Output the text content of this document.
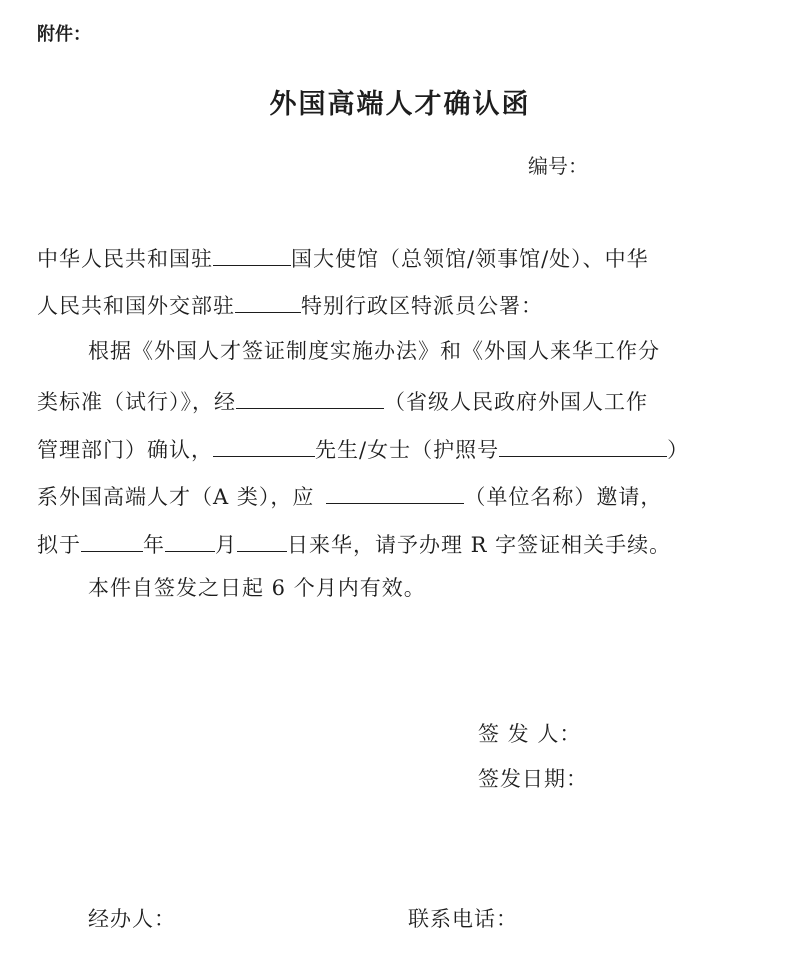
附件：
外国高端人才确认函
编号：
中华人民共和国驻	国大使馆（总领馆/领事馆/处）、中华
人民共和国外交部驻	特别行政区特派员公署：
根据《外国人才签证制度实施办法》和《外国人来华工作分
类标准（试行）》，经	（省级人民政府外国人工作
管理部门）确认，	先生/女士（护照号	）
系外国高端人才（A 类），应	（单位名称）邀请，
拟于	年 月 日来华，请予办理 R 字签证相关手续。
本件自签发之日起 6 个月内有效。
签 发 人：
签发日期：
经办人：	联系电话：
